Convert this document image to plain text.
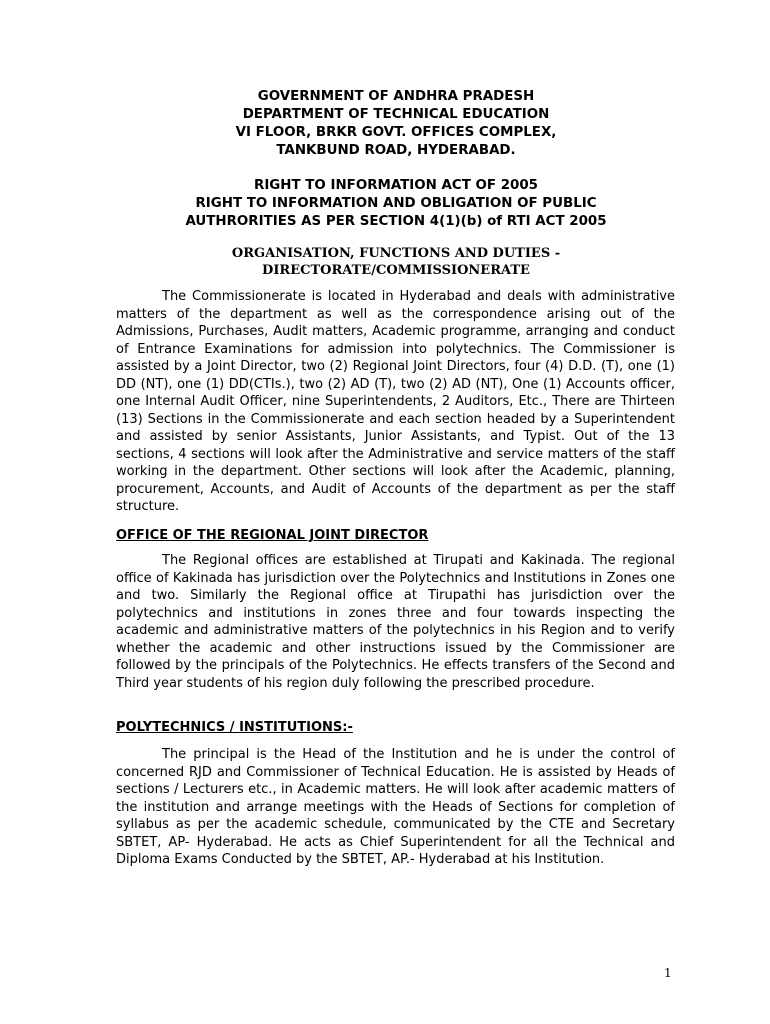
GOVERNMENT OF ANDHRA PRADESH
DEPARTMENT OF TECHNICAL EDUCATION
VI FLOOR, BRKR GOVT. OFFICES COMPLEX,
TANKBUND ROAD, HYDERABAD.
RIGHT TO INFORMATION ACT OF 2005
RIGHT TO INFORMATION AND OBLIGATION OF PUBLIC
AUTHRORITIES AS PER SECTION 4(1)(b) of RTI ACT 2005
ORGANISATION, FUNCTIONS AND DUTIES -
DIRECTORATE/COMMISSIONERATE

The Commissionerate is located in Hyderabad and deals with administrative matters of the department as well as the correspondence arising out of the Admissions, Purchases, Audit matters, Academic programme, arranging and conduct of Entrance Examinations for admission into polytechnics. The Commissioner is assisted by a Joint Director, two (2) Regional Joint Directors, four (4) D.D. (T), one (1) DD (NT), one (1) DD(CTIs.), two (2) AD (T), two (2) AD (NT), One (1) Accounts officer, one Internal Audit Officer, nine Superintendents, 2 Auditors, Etc., There are Thirteen (13) Sections in the Commissionerate and each section headed by a Superintendent and assisted by senior Assistants, Junior Assistants, and Typist. Out of the 13 sections, 4 sections will look after the Administrative and service matters of the staff working in the department. Other sections will look after the Academic, planning, procurement, Accounts, and Audit of Accounts of the department as per the staff structure.

OFFICE OF THE REGIONAL JOINT DIRECTOR

The Regional offices are established at Tirupati and Kakinada. The regional office of Kakinada has jurisdiction over the Polytechnics and Institutions in Zones one and two. Similarly the Regional office at Tirupathi has jurisdiction over the polytechnics and institutions in zones three and four towards inspecting the academic and administrative matters of the polytechnics in his Region and to verify whether the academic and other instructions issued by the Commissioner are followed by the principals of the Polytechnics. He effects transfers of the Second and Third year students of his region duly following the prescribed procedure.

POLYTECHNICS / INSTITUTIONS:-

The principal is the Head of the Institution and he is under the control of concerned RJD and Commissioner of Technical Education. He is assisted by Heads of sections / Lecturers etc., in Academic matters. He will look after academic matters of the institution and arrange meetings with the Heads of Sections for completion of syllabus as per the academic schedule, communicated by the CTE and Secretary SBTET, AP- Hyderabad. He acts as Chief Superintendent for all the Technical and Diploma Exams Conducted by the SBTET, AP.- Hyderabad at his Institution.

1
